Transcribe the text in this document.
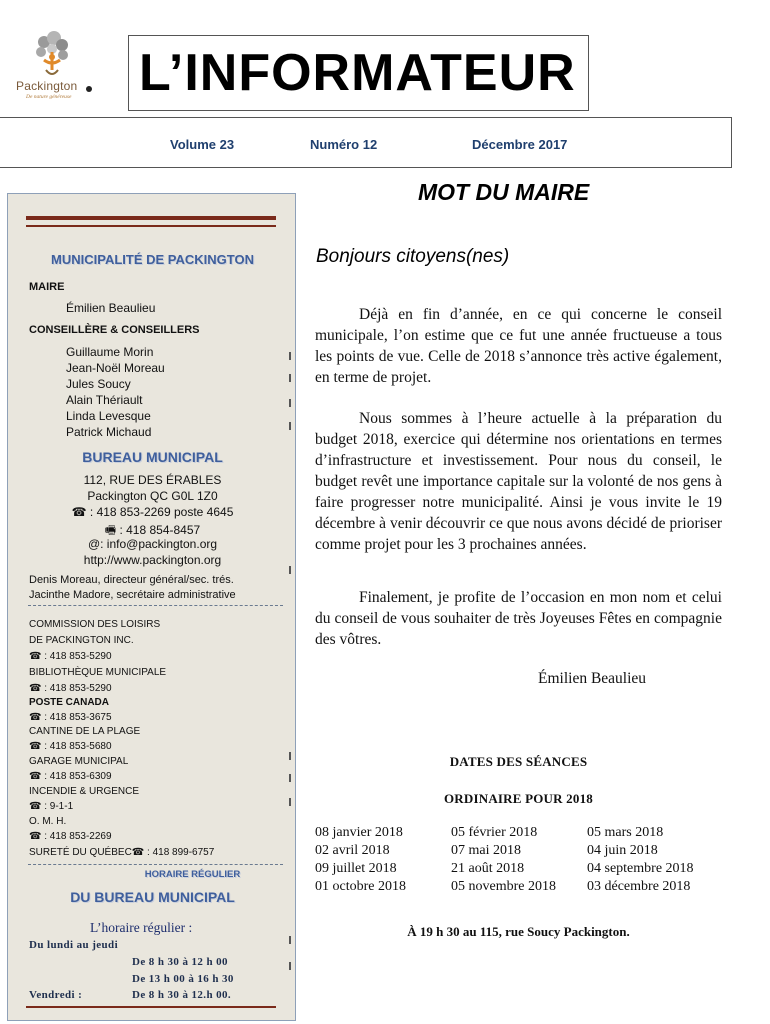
Packington
De nature généreuse L’INFORMATEUR
Volume 23	Numéro 12	Décembre 2017
MUNICIPALITÉ DE PACKINGTON
MAIRE
Émilien Beaulieu
CONSEILLÈRE & CONSEILLERS
Guillaume Morin
Jean-Noël Moreau
Jules Soucy
Alain Thériault
Linda Levesque
Patrick Michaud
BUREAU MUNICIPAL
112, RUE DES ÉRABLES
Packington QC G0L 1Z0
☎ : 418 853-2269 poste 4645
🖷 : 418 854-8457
@: info@packington.org
http://www.packington.org
Denis Moreau, directeur général/sec. trés.
Jacinthe Madore, secrétaire administrative
COMMISSION DES LOISIRS
DE PACKINGTON INC.
☎ : 418 853-5290
BIBLIOTHÈQUE MUNICIPALE
☎ : 418 853-5290
POSTE CANADA
☎ : 418 853-3675
CANTINE DE LA PLAGE
☎ : 418 853-5680
GARAGE MUNICIPAL
☎ : 418 853-6309
INCENDIE & URGENCE
☎ : 9-1-1
O. M. H.
☎ : 418 853-2269
SURETÉ DU QUÉBEC☎ : 418 899-6757
HORAIRE RÉGULIER
DU BUREAU MUNICIPAL
L’horaire régulier :
Du lundi au jeudi
De 8 h 30 à 12 h 00
De 13 h 00 à 16 h 30
Vendredi :	De 8 h 30 à 12.h 00.
MOT DU MAIRE
Bonjours citoyens(nes)

Déjà en fin d’année, en ce qui concerne le conseil municipale, l’on estime que ce fut une année fructueuse a tous les points de vue. Celle de 2018 s’annonce très active également, en terme de projet.

Nous sommes à l’heure actuelle à la préparation du budget 2018, exercice qui détermine nos orientations en termes d’infrastructure et investissement. Pour nous du conseil, le budget revêt une importance capitale sur la volonté de nos gens à faire progresser notre municipalité. Ainsi je vous invite le 19 décembre à venir découvrir ce que nous avons décidé de prioriser comme projet pour les 3 prochaines années.

Finalement, je profite de l’occasion en mon nom et celui du conseil de vous souhaiter de très Joyeuses Fêtes en compagnie des vôtres.

Émilien Beaulieu
DATES DES SÉANCES
ORDINAIRE POUR 2018
08 janvier 2018	05 février 2018	05 mars 2018
02 avril 2018	07 mai 2018	04 juin 2018
09 juillet 2018	21 août 2018	04 septembre 2018
01 octobre 2018	05 novembre 2018	03 décembre 2018
À 19 h 30 au 115, rue Soucy Packington.
